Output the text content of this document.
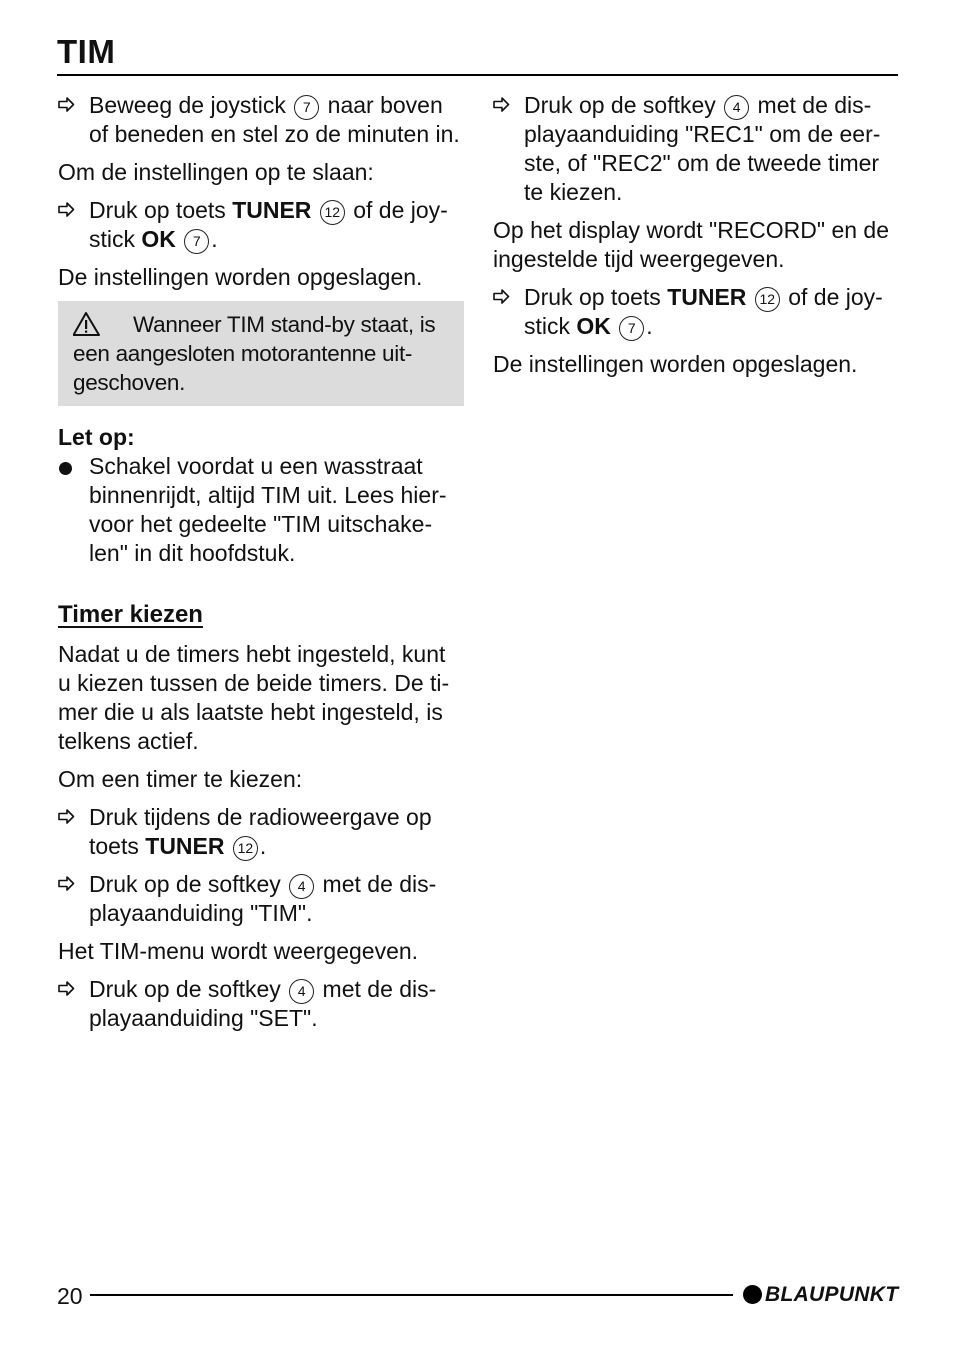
TIM
Beweeg de joystick 7 naar boven of beneden en stel zo de minuten in.

Om de instellingen op te slaan:

Druk op toets TUNER 12 of de joy-stick OK 7 .

De instellingen worden opgeslagen.

Wanneer TIM stand-by staat, is een aangesloten motorantenne uit-geschoven.

Let op:

Schakel voordat u een wasstraat binnenrijdt, altijd TIM uit. Lees hier-voor het gedeelte "TIM uitschake-len" in dit hoofdstuk.

Timer kiezen

Nadat u de timers hebt ingesteld, kunt u kiezen tussen de beide timers. De ti-mer die u als laatste hebt ingesteld, is telkens actief.

Om een timer te kiezen:

Druk tijdens de radioweergave op toets TUNER 12 .
Druk op de softkey 4 met de dis-playaanduiding "TIM".

Het TIM-menu wordt weergegeven.

Druk op de softkey 4 met de dis-playaanduiding "SET".
Druk op de softkey 4 met de dis-playaanduiding "REC1" om de eer-ste, of "REC2" om de tweede timer te kiezen.

Op het display wordt "RECORD" en de ingestelde tijd weergegeven.

Druk op toets TUNER 12 of de joy-stick OK 7 .

De instellingen worden opgeslagen.

20	BLAUPUNKT
